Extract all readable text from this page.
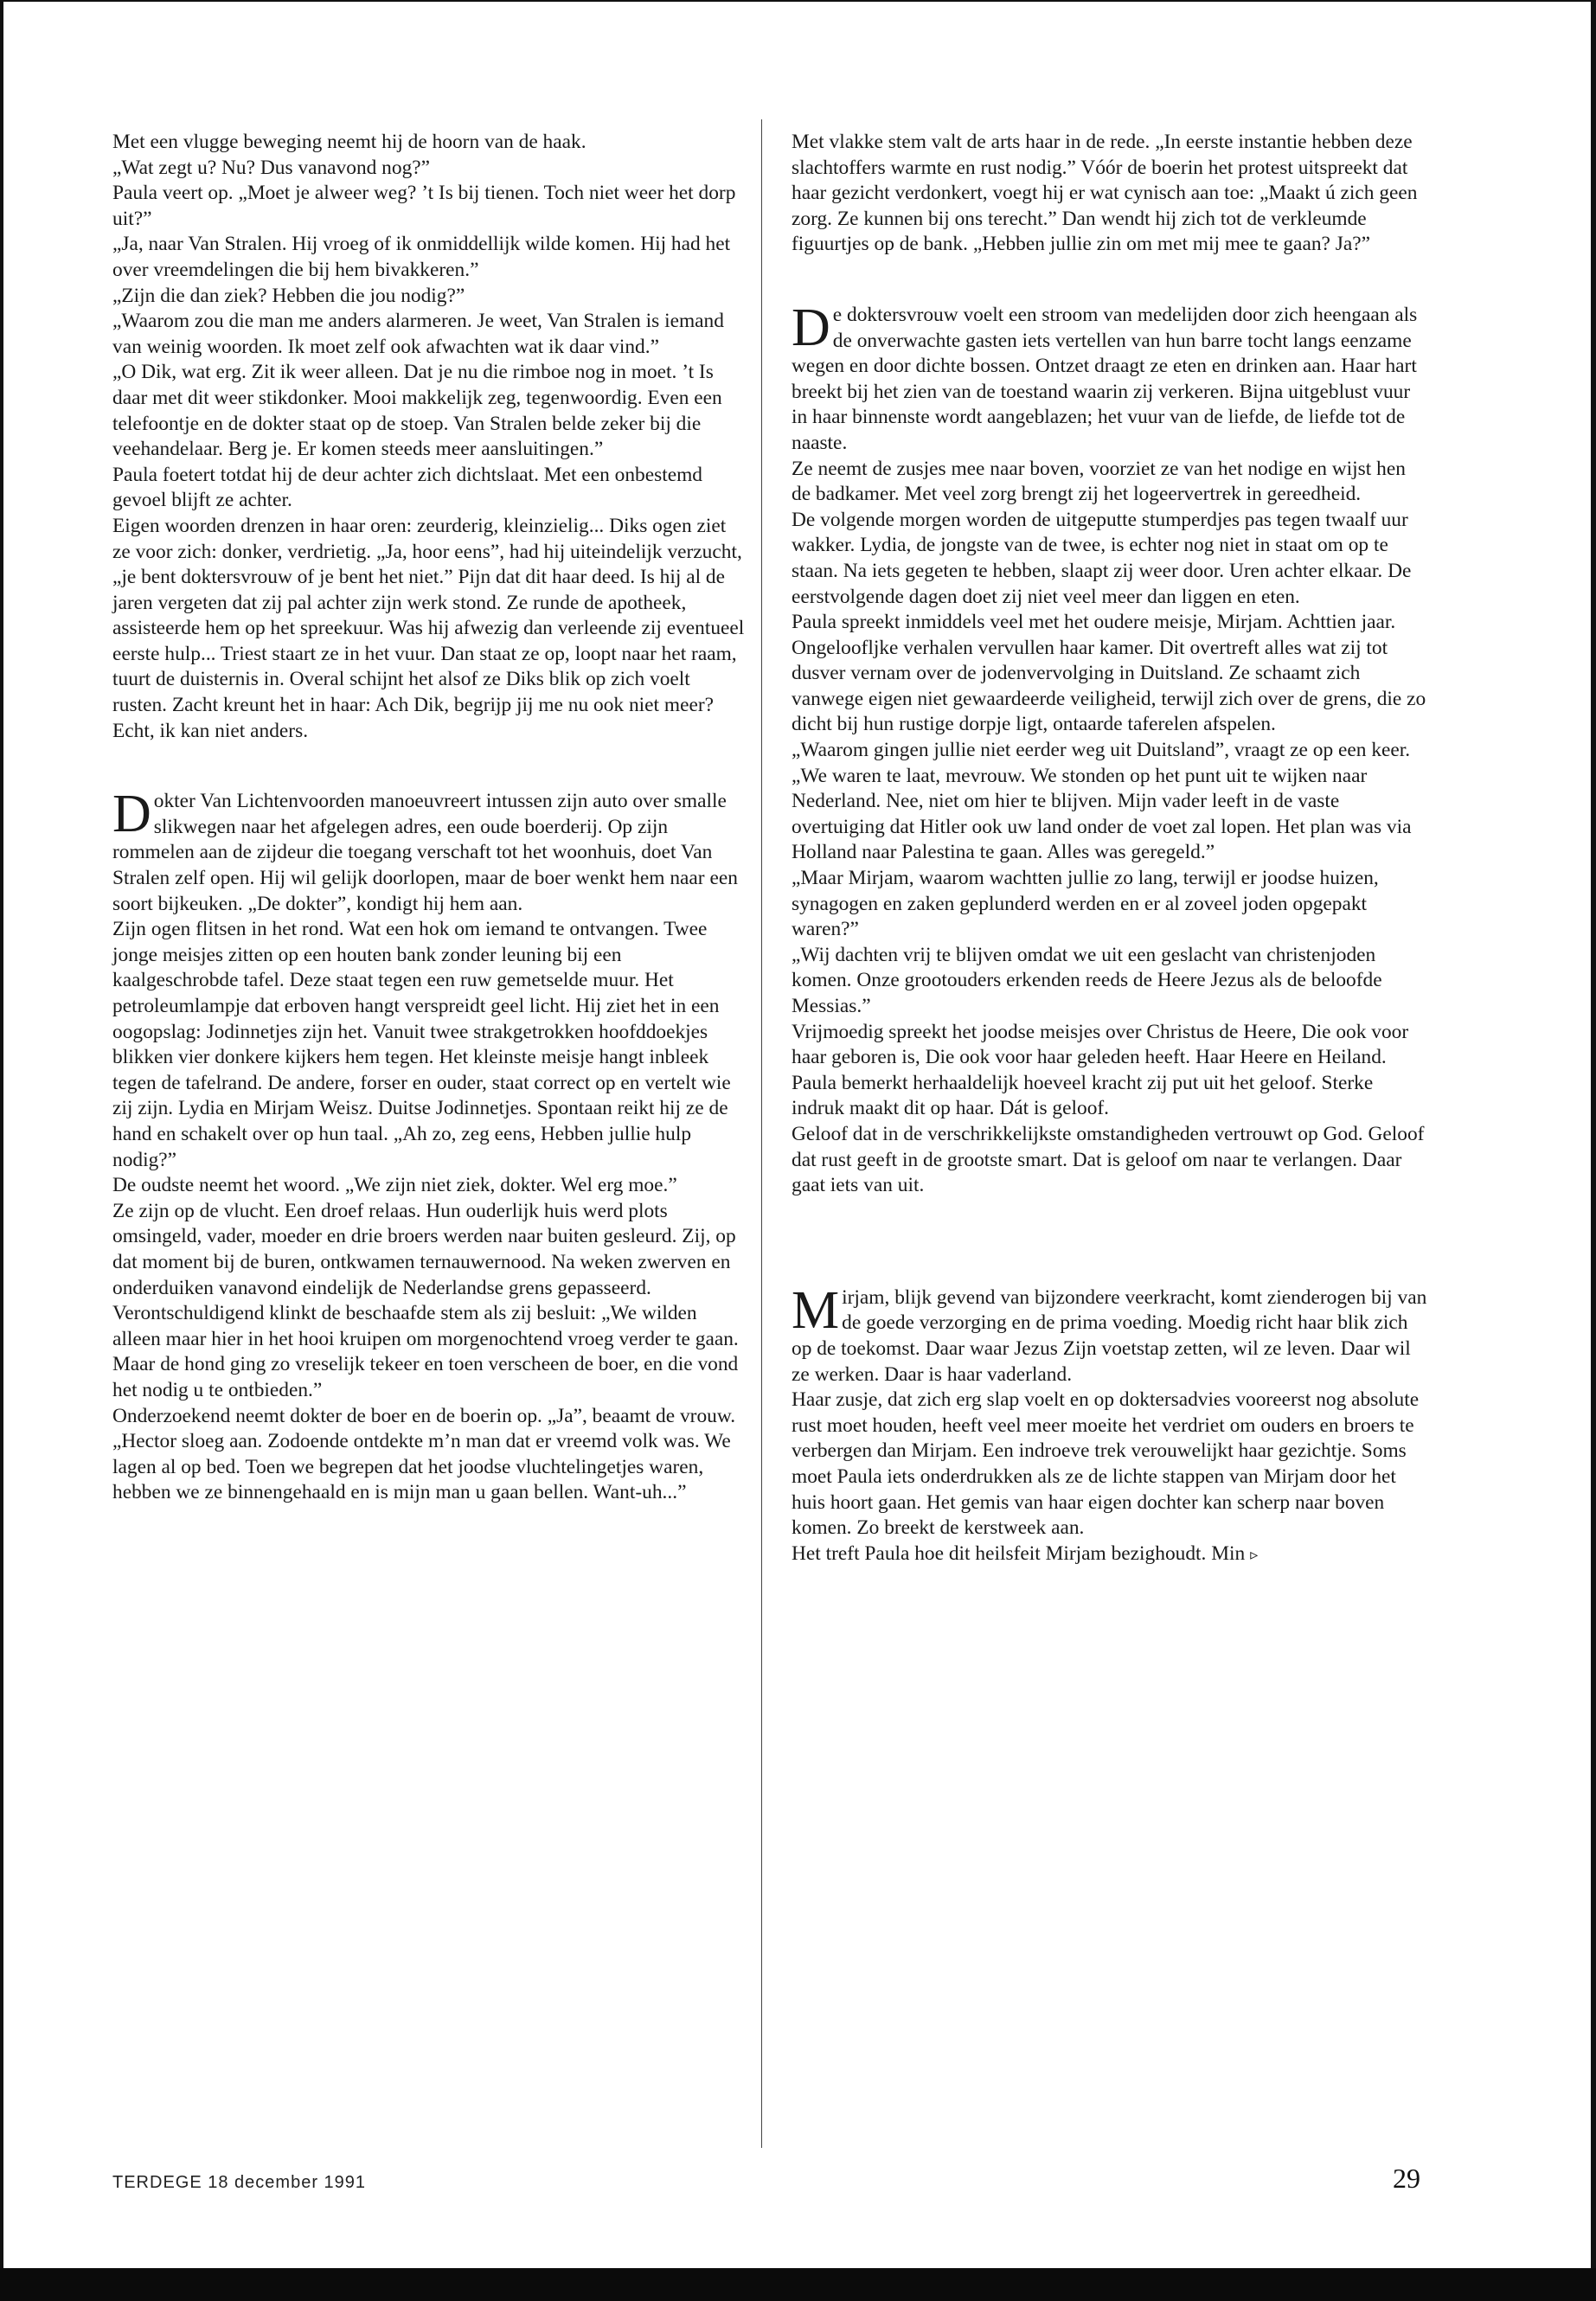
Met een vlugge beweging neemt hij de hoorn van de haak.

„Wat zegt u? Nu? Dus vanavond nog?”

Paula veert op. „Moet je alweer weg? ’t Is bij tienen. Toch niet weer het dorp uit?”

„Ja, naar Van Stralen. Hij vroeg of ik onmiddellijk wilde komen. Hij had het over vreemdelingen die bij hem bivakkeren.”

„Zijn die dan ziek? Hebben die jou nodig?”

„Waarom zou die man me anders alarmeren. Je weet, Van Stralen is iemand van weinig woorden. Ik moet zelf ook afwachten wat ik daar vind.”

„O Dik, wat erg. Zit ik weer alleen. Dat je nu die rimboe nog in moet. ’t Is daar met dit weer stikdonker. Mooi makkelijk zeg, tegenwoordig. Even een telefoontje en de dokter staat op de stoep. Van Stralen belde zeker bij die veehandelaar. Berg je. Er komen steeds meer aansluitingen.”

Paula foetert totdat hij de deur achter zich dichtslaat. Met een onbestemd gevoel blijft ze achter.

Eigen woorden drenzen in haar oren: zeurderig, kleinzielig... Diks ogen ziet ze voor zich: donker, verdrietig. „Ja, hoor eens”, had hij uiteindelijk verzucht, „je bent doktersvrouw of je bent het niet.” Pijn dat dit haar deed. Is hij al de jaren vergeten dat zij pal achter zijn werk stond. Ze runde de apotheek, assisteerde hem op het spreekuur. Was hij afwezig dan verleende zij eventueel eerste hulp... Triest staart ze in het vuur. Dan staat ze op, loopt naar het raam, tuurt de duisternis in. Overal schijnt het alsof ze Diks blik op zich voelt rusten. Zacht kreunt het in haar: Ach Dik, begrijp jij me nu ook niet meer? Echt, ik kan niet anders.

Dokter Van Lichtenvoorden manoeuvreert intussen zijn auto over smalle slikwegen naar het afgelegen adres, een oude boerderij. Op zijn rommelen aan de zijdeur die toegang verschaft tot het woonhuis, doet Van Stralen zelf open. Hij wil gelijk doorlopen, maar de boer wenkt hem naar een soort bijkeuken. „De dokter”, kondigt hij hem aan.

Zijn ogen flitsen in het rond. Wat een hok om iemand te ontvangen. Twee jonge meisjes zitten op een houten bank zonder leuning bij een kaalgeschrobde tafel. Deze staat tegen een ruw gemetselde muur. Het petroleumlampje dat erboven hangt verspreidt geel licht. Hij ziet het in een oogopslag: Jodinnetjes zijn het. Vanuit twee strakgetrokken hoofddoekjes blikken vier donkere kijkers hem tegen. Het kleinste meisje hangt inbleek tegen de tafelrand. De andere, forser en ouder, staat correct op en vertelt wie zij zijn. Lydia en Mirjam Weisz. Duitse Jodinnetjes. Spontaan reikt hij ze de hand en schakelt over op hun taal. „Ah zo, zeg eens, Hebben jullie hulp nodig?”

De oudste neemt het woord. „We zijn niet ziek, dokter. Wel erg moe.”

Ze zijn op de vlucht. Een droef relaas. Hun ouderlijk huis werd plots omsingeld, vader, moeder en drie broers werden naar buiten gesleurd. Zij, op dat moment bij de buren, ontkwamen ternauwernood. Na weken zwerven en onderduiken vanavond eindelijk de Nederlandse grens gepasseerd.

Verontschuldigend klinkt de beschaafde stem als zij besluit: „We wilden alleen maar hier in het hooi kruipen om morgenochtend vroeg verder te gaan. Maar de hond ging zo vreselijk tekeer en toen verscheen de boer, en die vond het nodig u te ontbieden.”

Onderzoekend neemt dokter de boer en de boerin op. „Ja”, beaamt de vrouw. „Hector sloeg aan. Zodoende ontdekte m’n man dat er vreemd volk was. We lagen al op bed. Toen we begrepen dat het joodse vluchtelingetjes waren, hebben we ze binnengehaald en is mijn man u gaan bellen. Want-uh...”

Met vlakke stem valt de arts haar in de rede. „In eerste instantie hebben deze slachtoffers warmte en rust nodig.” Vóór de boerin het protest uitspreekt dat haar gezicht verdonkert, voegt hij er wat cynisch aan toe: „Maakt ú zich geen zorg. Ze kunnen bij ons terecht.” Dan wendt hij zich tot de verkleumde figuurtjes op de bank. „Hebben jullie zin om met mij mee te gaan? Ja?”

De doktersvrouw voelt een stroom van medelijden door zich heengaan als de onverwachte gasten iets vertellen van hun barre tocht langs eenzame wegen en door dichte bossen. Ontzet draagt ze eten en drinken aan. Haar hart breekt bij het zien van de toestand waarin zij verkeren. Bijna uitgeblust vuur in haar binnenste wordt aangeblazen; het vuur van de liefde, de liefde tot de naaste.

Ze neemt de zusjes mee naar boven, voorziet ze van het nodige en wijst hen de badkamer. Met veel zorg brengt zij het logeervertrek in gereedheid.

De volgende morgen worden de uitgeputte stumperdjes pas tegen twaalf uur wakker. Lydia, de jongste van de twee, is echter nog niet in staat om op te staan. Na iets gegeten te hebben, slaapt zij weer door. Uren achter elkaar. De eerstvolgende dagen doet zij niet veel meer dan liggen en eten.

Paula spreekt inmiddels veel met het oudere meisje, Mirjam. Achttien jaar. Ongeloofljke verhalen vervullen haar kamer. Dit overtreft alles wat zij tot dusver vernam over de jodenvervolging in Duitsland. Ze schaamt zich vanwege eigen niet gewaardeerde veiligheid, terwijl zich over de grens, die zo dicht bij hun rustige dorpje ligt, ontaarde taferelen afspelen.

„Waarom gingen jullie niet eerder weg uit Duitsland”, vraagt ze op een keer. „We waren te laat, mevrouw. We stonden op het punt uit te wijken naar Nederland. Nee, niet om hier te blijven. Mijn vader leeft in de vaste overtuiging dat Hitler ook uw land onder de voet zal lopen. Het plan was via Holland naar Palestina te gaan. Alles was geregeld.”

„Maar Mirjam, waarom wachtten jullie zo lang, terwijl er joodse huizen, synagogen en zaken geplunderd werden en er al zoveel joden opgepakt waren?”

„Wij dachten vrij te blijven omdat we uit een geslacht van christenjoden komen. Onze grootouders erkenden reeds de Heere Jezus als de beloofde Messias.”

Vrijmoedig spreekt het joodse meisjes over Christus de Heere, Die ook voor haar geboren is, Die ook voor haar geleden heeft. Haar Heere en Heiland. Paula bemerkt herhaaldelijk hoeveel kracht zij put uit het geloof. Sterke indruk maakt dit op haar. Dát is geloof.

Geloof dat in de verschrikkelijkste omstandigheden vertrouwt op God. Geloof dat rust geeft in de grootste smart. Dat is geloof om naar te verlangen. Daar gaat iets van uit.

Mirjam, blijk gevend van bijzondere veerkracht, komt zienderogen bij van de goede verzorging en de prima voeding. Moedig richt haar blik zich op de toekomst. Daar waar Jezus Zijn voetstap zetten, wil ze leven. Daar wil ze werken. Daar is haar vaderland.

Haar zusje, dat zich erg slap voelt en op doktersadvies vooreerst nog absolute rust moet houden, heeft veel meer moeite het verdriet om ouders en broers te verbergen dan Mirjam. Een indroeve trek verouwelijkt haar gezichtje. Soms moet Paula iets onderdrukken als ze de lichte stappen van Mirjam door het huis hoort gaan. Het gemis van haar eigen dochter kan scherp naar boven komen. Zo breekt de kerstweek aan.

Het treft Paula hoe dit heilsfeit Mirjam bezighoudt. Min ▹

TERDEGE 18 december 1991	29
